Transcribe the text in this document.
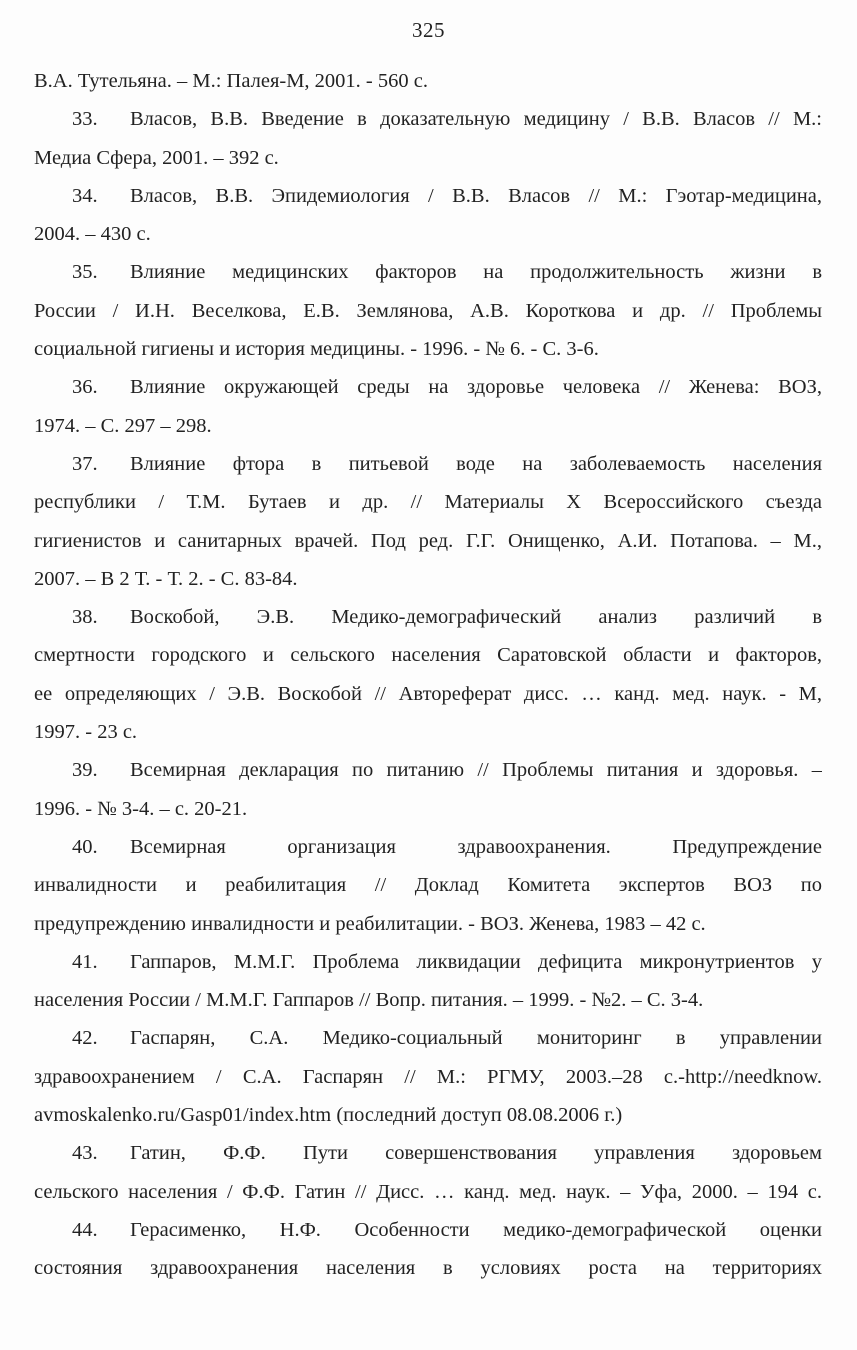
325
В.А. Тутельяна. – М.: Палея-М, 2001. - 560 с.
33.	Власов, В.В. Введение в доказательную медицину / В.В. Власов // М.:
Медиа Сфера, 2001. – 392 с.
34.	Власов, В.В. Эпидемиология / В.В. Власов // М.: Гэотар-медицина,
2004. – 430 с.
35.	Влияние медицинских факторов на продолжительность жизни в
России / И.Н. Веселкова, Е.В. Землянова, А.В. Короткова и др. // Проблемы
социальной гигиены и история медицины. - 1996. - № 6. - С. 3-6.
36.	Влияние окружающей среды на здоровье человека // Женева: ВОЗ,
1974. – С. 297 – 298.
37.	Влияние фтора в питьевой воде на заболеваемость населения
республики / Т.М. Бутаев и др. // Материалы X Всероссийского съезда
гигиенистов и санитарных врачей. Под ред. Г.Г. Онищенко, А.И. Потапова. – М.,
2007. – В 2 Т. - Т. 2. - С. 83-84.
38.	Воскобой, Э.В. Медико-демографический анализ различий в
смертности городского и сельского населения Саратовской области и факторов,
ее определяющих / Э.В. Воскобой // Автореферат дисс. … канд. мед. наук. - М,
1997. - 23 с.
39.	Всемирная декларация по питанию // Проблемы питания и здоровья. –
1996. - № 3-4. – с. 20-21.
40.	Всемирная организация здравоохранения. Предупреждение
инвалидности и реабилитация // Доклад Комитета экспертов ВОЗ по
предупреждению инвалидности и реабилитации. - ВОЗ. Женева, 1983 – 42 с.
41.	Гаппаров, М.М.Г. Проблема ликвидации дефицита микронутриентов у
населения России / М.М.Г. Гаппаров // Вопр. питания. – 1999. - №2. – С. 3-4.
42.	Гаспарян, С.А. Медико-социальный мониторинг в управлении
здравоохранением / С.А. Гаспарян // М.: РГМУ, 2003.–28 с.-http://needknow.
avmoskalenko.ru/Gasp01/index.htm (последний доступ 08.08.2006 г.)
43.	Гатин, Ф.Ф. Пути совершенствования управления здоровьем
сельского населения / Ф.Ф. Гатин // Дисс. … канд. мед. наук. – Уфа, 2000. – 194 с.
44.	Герасименко, Н.Ф. Особенности медико-демографической оценки
состояния здравоохранения населения в условиях роста на территориях
